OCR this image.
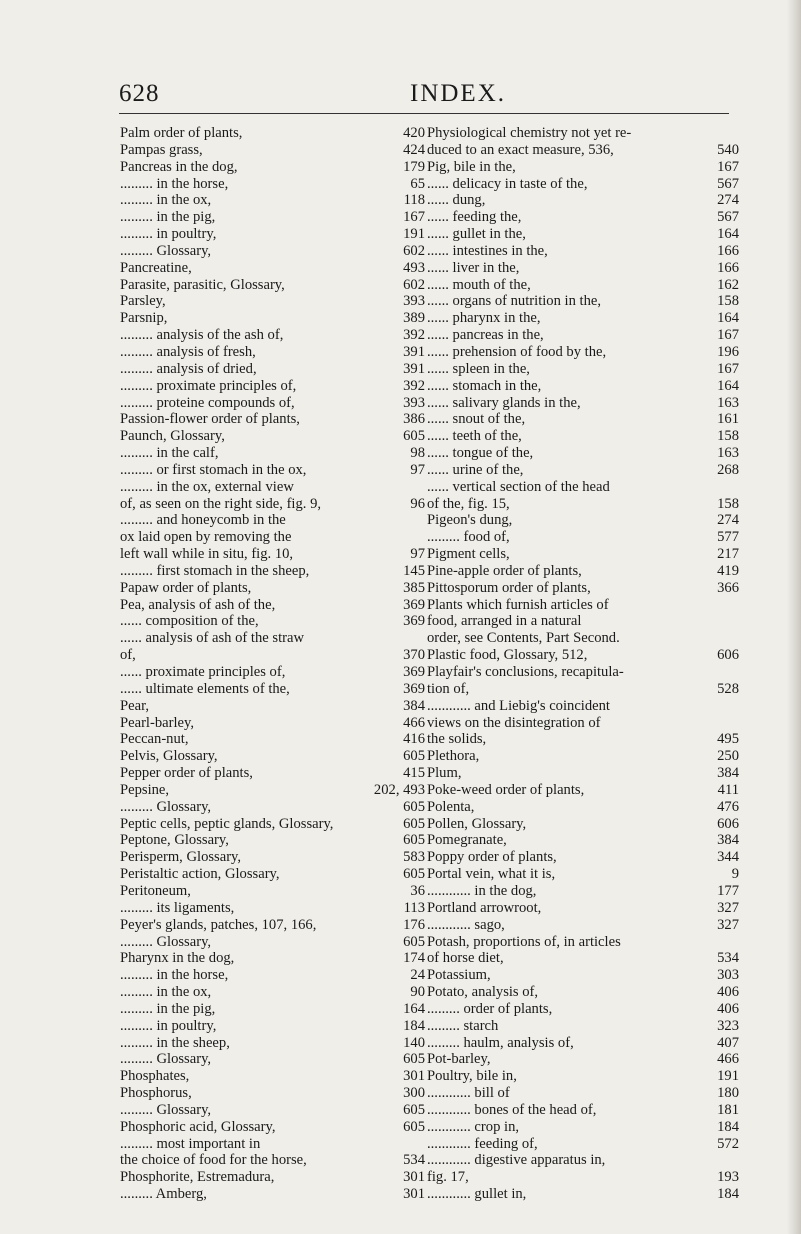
628	INDEX.
Palm order of plants,	420
Pampas grass,	424
Pancreas in the dog,	179
......... in the horse,	65
......... in the ox,	118
......... in the pig,	167
......... in poultry,	191
......... Glossary,	602
Pancreatine,	493
Parasite, parasitic, Glossary,	602
Parsley,	393
Parsnip,	389
......... analysis of the ash of,	392
......... analysis of fresh,	391
......... analysis of dried,	391
......... proximate principles of,	392
......... proteine compounds of,	393
Passion-flower order of plants,	386
Paunch, Glossary,	605
......... in the calf,	98
......... or first stomach in the ox,	97
......... in the ox, external view
of, as seen on the right side, fig. 9,	96
......... and honeycomb in the
ox laid open by removing the
left wall while in situ, fig. 10,	97
......... first stomach in the sheep,	145
Papaw order of plants,	385
Pea, analysis of ash of the,	369
...... composition of the,	369
...... analysis of ash of the straw
of,	370
...... proximate principles of,	369
...... ultimate elements of the,	369
Pear,	384
Pearl-barley,	466
Peccan-nut,	416
Pelvis, Glossary,	605
Pepper order of plants,	415
Pepsine,	202, 493
......... Glossary,	605
Peptic cells, peptic glands, Glossary,	605
Peptone, Glossary,	605
Perisperm, Glossary,	583
Peristaltic action, Glossary,	605
Peritoneum,	36
......... its ligaments,	113
Peyer's glands, patches, 107, 166,	176
......... Glossary,	605
Pharynx in the dog,	174
......... in the horse,	24
......... in the ox,	90
......... in the pig,	164
......... in poultry,	184
......... in the sheep,	140
......... Glossary,	605
Phosphates,	301
Phosphorus,	300
......... Glossary,	605
Phosphoric acid, Glossary,	605
......... most important in
the choice of food for the horse,	534
Phosphorite, Estremadura,	301
......... Amberg,	301
Physiological chemistry not yet re-
duced to an exact measure, 536,	540
Pig, bile in the,	167
...... delicacy in taste of the,	567
...... dung,	274
...... feeding the,	567
...... gullet in the,	164
...... intestines in the,	166
...... liver in the,	166
...... mouth of the,	162
...... organs of nutrition in the,	158
...... pharynx in the,	164
...... pancreas in the,	167
...... prehension of food by the,	196
...... spleen in the,	167
...... stomach in the,	164
...... salivary glands in the,	163
...... snout of the,	161
...... teeth of the,	158
...... tongue of the,	163
...... urine of the,	268
...... vertical section of the head
of the, fig. 15,	158
Pigeon's dung,	274
......... food of,	577
Pigment cells,	217
Pine-apple order of plants,	419
Pittosporum order of plants,	366
Plants which furnish articles of
food, arranged in a natural
order, see Contents, Part Second.
Plastic food, Glossary, 512,	606
Playfair's conclusions, recapitula-
tion of,	528
............ and Liebig's coincident
views on the disintegration of
the solids,	495
Plethora,	250
Plum,	384
Poke-weed order of plants,	411
Polenta,	476
Pollen, Glossary,	606
Pomegranate,	384
Poppy order of plants,	344
Portal vein, what it is,	9
............ in the dog,	177
Portland arrowroot,	327
............ sago,	327
Potash, proportions of, in articles
of horse diet,	534
Potassium,	303
Potato, analysis of,	406
......... order of plants,	406
......... starch	323
......... haulm, analysis of,	407
Pot-barley,	466
Poultry, bile in,	191
............ bill of	180
............ bones of the head of,	181
............ crop in,	184
............ feeding of,	572
............ digestive apparatus in,
fig. 17,	193
............ gullet in,	184
